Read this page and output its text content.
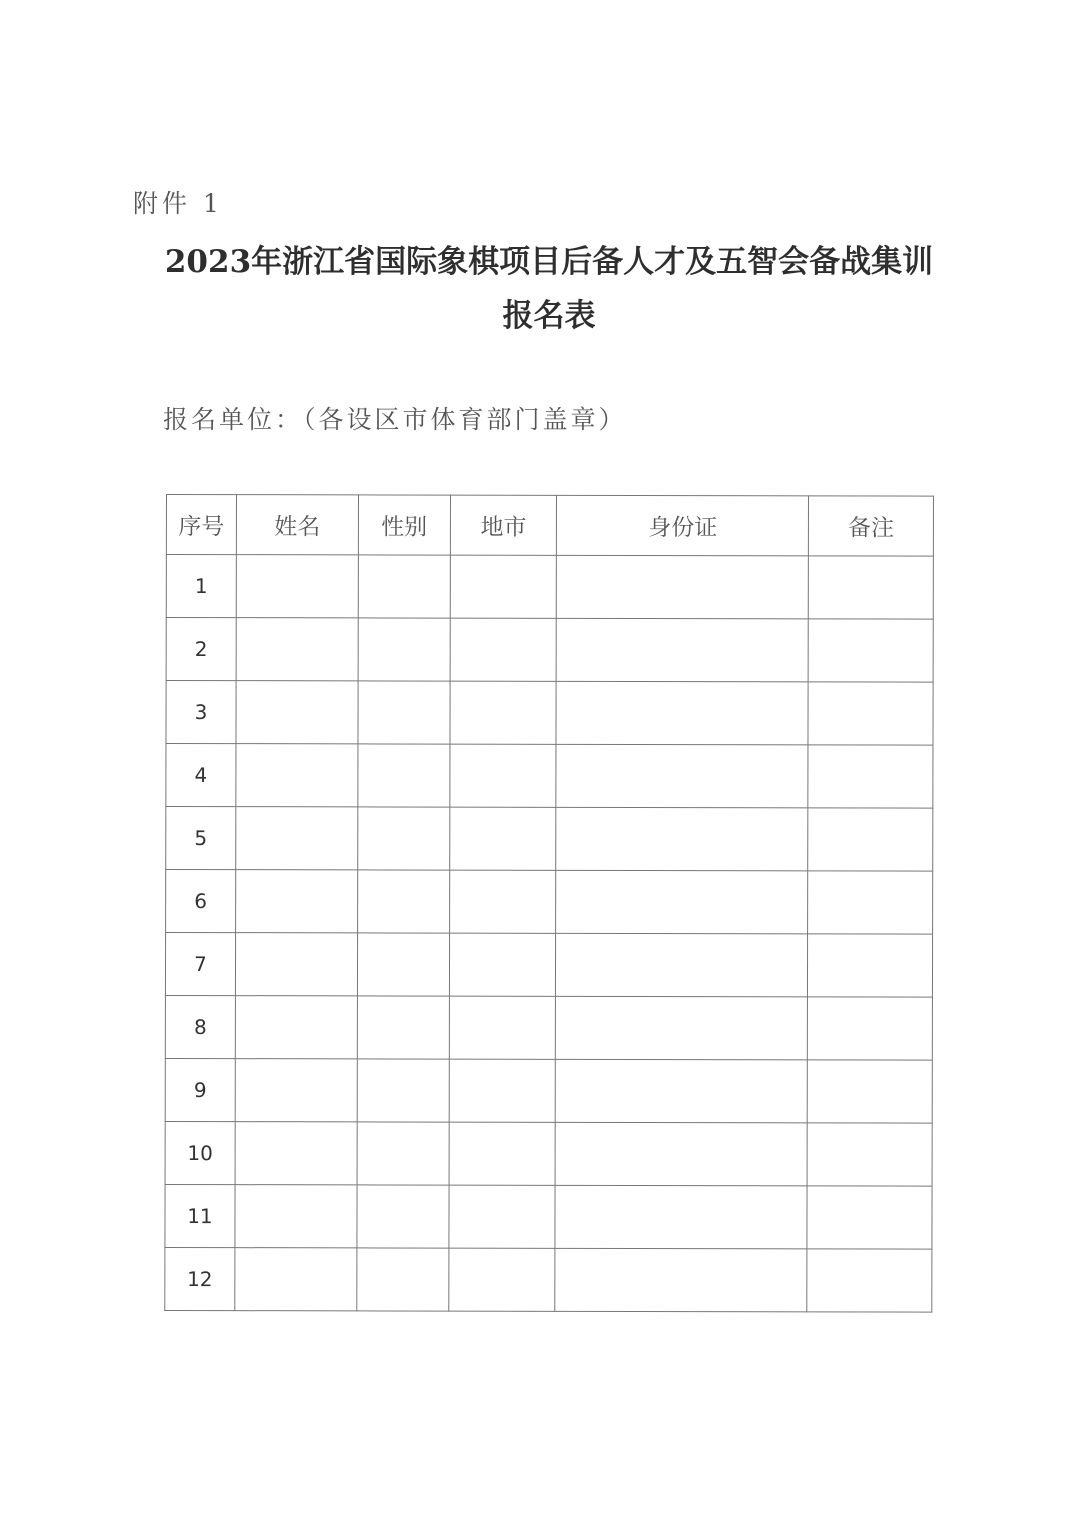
附件 1
2023年浙江省国际象棋项目后备人才及五智会备战集训
报名表
报名单位：（各设区市体育部门盖章）
序号	姓名	性别	地市	身份证	备注
1					
2					
3					
4					
5					
6					
7					
8					
9					
10					
11					
12					
